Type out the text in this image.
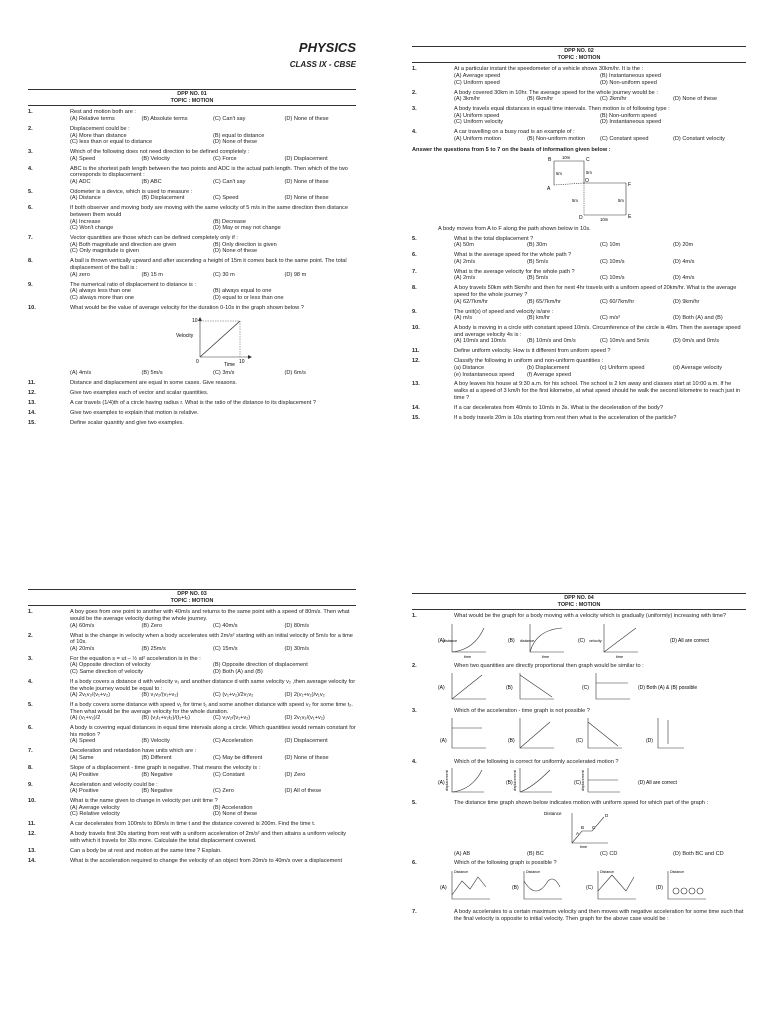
PHYSICS
CLASS IX - CBSE
DPP NO. 01
TOPIC : MOTION
1.	Rest and motion both are :
(A) Relative terms	(B) Absolute terms	(C) Can't say	(D) None of these
2.	Displacement could be :
(A) More than distance	(B) equal to distance
(C) less than or equal to distance	(D) None of these
3.	Which of the following does not need direction to be defined completely :
(A) Speed	(B) Velocity	(C) Force	(D) Displacement
4.	ABC is the shortest path length between the two points and ADC is the actual path length. Then which of the two corresponds to displacement :
(A) ADC	(B) ABC	(C) Can't say	(D) None of these
5.	Odometer is a device, which is used to measure :
(A) Distance	(B) Displacement	(C) Speed	(D) None of these
6.	If both observer and moving body are moving with the same velocity of 5 m/s in the same direction then distance between them would
(A) Increase	(B) Decrease
(C) Won't change	(D) May or may not change
7.	Vector quantities are those which can be defined completely only if :
(A) Both magnitude and direction are given	(B) Only direction is given
(C) Only magnitude is given	(D) None of these
8.	A ball is thrown vertically upward and after ascending a height of 15m it comes back to the same point. The total displacement of the ball is :
(A) zero	(B) 15 m	(C) 30 m	(D) 98 m
9.	The numerical ratio of displacement to distance is :
(A) always less than one	(B) always equal to one
(C) always more than one	(D) equal to or less than one
10.	What would be the value of average velocity for the duration 0-10s in the graph shown below ?
Velocity
10
10
0	Time
(A) 4m/s	(B) 5m/s	(C) 3m/s	(D) 6m/s
11.	Distance and displacement are equal in some cases. Give reasons.
12.	Give two examples each of vector and scalar quantities.
13.	A car travels (1/4)th of a circle having radius r. What is the ratio of the distance to its displacement ?
14.	Give two examples to explain that motion is relative.
15.	Define scalar quantity and give two examples.
DPP NO. 02
TOPIC : MOTION
1.	At a particular instant the speedometer of a vehicle shows 30km/hr. It is the :
(A) Average speed	(B) Instantaneous speed
(C) Uniform speed	(D) Non-uniform speed
2.	A body covered 30km in 10hr. The average speed for the whole journey would be :
(A) 3km/hr	(B) 6km/hr	(C) 2km/hr	(D) None of these
3.	A body travels equal distances in equal time intervals. Then motion is of following type :
(A) Uniform speed	(B) Non-uniform speed
(C) Uniform velocity	(D) Instantaneous speed
4.	A car travelling on a busy road is an example of :
(A) Uniform motion	(B) Non-uniform motion	(C) Constant speed	(D) Constant velocity
Answer the questions from 5 to 7 on the basis of information given below :
B	C
A
O
F
D	E
10m
5m	5m
5m	5m
10m
A body moves from A to F along the path shown below in 10s.
5.	What is the total displacement ?
(A) 50m	(B) 30m	(C) 10m	(D) 20m
6.	What is the average speed for the whole path ?
(A) 2m/s	(B) 5m/s	(C) 10m/s	(D) 4m/s
7.	What is the average velocity for the whole path ?
(A) 2m/s	(B) 5m/s	(C) 10m/s	(D) 4m/s
8.	A boy travels 50km with 5km/hr and then for next 4hr travels with a uniform speed of 20km/hr. What is the average speed for the whole journey ?
(A) 62/7km/hr	(B) 65/7km/hr	(C) 60/7km/hr	(D) 9km/hr
9.	The unit(s) of speed and velocity is/are :
(A) m/s	(B) km/hr	(C) m/s²	(D) Both (A) and (B)
10.	A body is moving in a circle with constant speed 10m/s. Circumference of the circle is 40m. Then the average speed and average velocity 4s is :
(A) 10m/s and 10m/s	(B) 10m/s and 0m/s	(C) 10m/s and 5m/s	(D) 0m/s and 0m/s
11.	Define uniform velocity. How is it different from uniform speed ?
12.	Classify the following in uniform and non-uniform quantities :
(a) Distance	(b) Displacement	(c) Uniform speed	(d) Average velocity
(e) Instantaneous speed	(f) Average speed
13.	A boy leaves his house at 9:30 a.m. for his school. The school is 2 km away and classes start at 10:00 a.m. If he walks at a speed of 3 km/h for the first kilometre, at what speed should he walk the second kilometre to reach just in time ?
14.	If a car decelerates from 40m/s to 10m/s in 3s. What is the deceleration of the body?
15.	If a body travels 20m is 10s starting from rest then what is the acceleration of the particle?
DPP NO. 03
TOPIC : MOTION
1.	A boy goes from one point to another with 40m/s and returns to the same point with a speed of 80m/s. Then what would be the average velocity during the whole journey.
(A) 60m/s	(B) Zero	(C) 40m/s	(D) 80m/s
2.	What is the change in velocity when a body accelerates with 2m/s² starting with an initial velocity of 5m/s for a time of 10s.
(A) 20m/s	(B) 25m/s	(C) 15m/s	(D) 30m/s
3.	For the equation s = ut – ½ at² acceleration is in the :
(A) Opposite direction of velocity	(B) Opposite direction of displacement
(C) Same direction of velocity	(D) Both (A) and (B)
4.	If a body covers a distance d with velocity v₁ and another distance d with same velocity v₂ ,then average velocity for the whole journey would be equal to :
(A) 2v₁v₂/(v₁+v₂)	(B) v₁v₂/(v₁+v₂)	(C) (v₁+v₂)/2v₁v₂	(D) 2(v₁+v₂)/v₁v₂
5.	If a body covers some distance with speed v₁ for time t₁ and some another distance with speed v₂ for some time t₂. Then what would be the average velocity for the whole duration.
(A) (v₁+v₂)/2	(B) (v₁t₁+v₂t₂)/(t₁+t₂)	(C) v₁v₂/(v₁+v₂)	(D) 2v₁v₂/(v₁+v₂)
6.	A body is covering equal distances in equal time intervals along a circle. Which quantities would remain constant for his motion ?
(A) Speed	(B) Velocity	(C) Acceleration	(D) Displacement
7.	Deceleration and retardation have units which are :
(A) Same	(B) Different	(C) May be different	(D) None of these
8.	Slope of a displacement - time graph is negative. That means the velocity is :
(A) Positive	(B) Negative	(C) Constant	(D) Zero
9.	Acceleration and velocity could be :
(A) Positive	(B) Negative	(C) Zero	(D) All of these
10.	What is the name given to change in velocity per unit time ?
(A) Average velocity	(B) Acceleration
(C) Relative velocity	(D) None of these
11.	A car decelerates from 100m/s to 80m/s in time t and the distance covered is 200m. Find the time t.
12.	A body travels first 30s starting from rest with a uniform acceleration of 2m/s² and then attains a uniform velocity with which it travels for 30s more. Calculate the total displacement covered.
13.	Can a body be at rest and motion at the same time ? Explain.
14.	What is the acceleration required to change the velocity of an object from 20m/s to 40m/s over a displacement
DPP NO. 04
TOPIC : MOTION
1.	What would be the graph for a body moving with a velocity which is gradually (uniformly) increasing with time?
(A)
distance
time
(B) distance
time
(C) velocity
time
(D) All are correct
2.	When two quantities are directly proportional then graph would be similar to :
(A)	(B)	(C)	(D) Both (A) & (B) possible
3.	Which of the acceleration - time graph is not possible ?
(A)	(B)	(C)	(D)
4.	Which of the following is correct for uniformly accelerated motion ?
(A) displacement	(B) displacement	(C) displacement	(D) All are correct
5.	The distance time graph shown below indicates motion with uniform speed for which part of the graph :
Distance
A
B C
D
time
(A) AB	(B) BC	(C) CD	(D) Both BC and CD
6.	Which of the following graph is possible ?
(A)
Distance
(B)
Distance
(C)
Distance
(D)
Distance
7.	A body accelerates to a certain maximum velocity and then moves with negative acceleration for some time such that the final velocity is opposite to initial velocity. Then graph for the above case would be :
